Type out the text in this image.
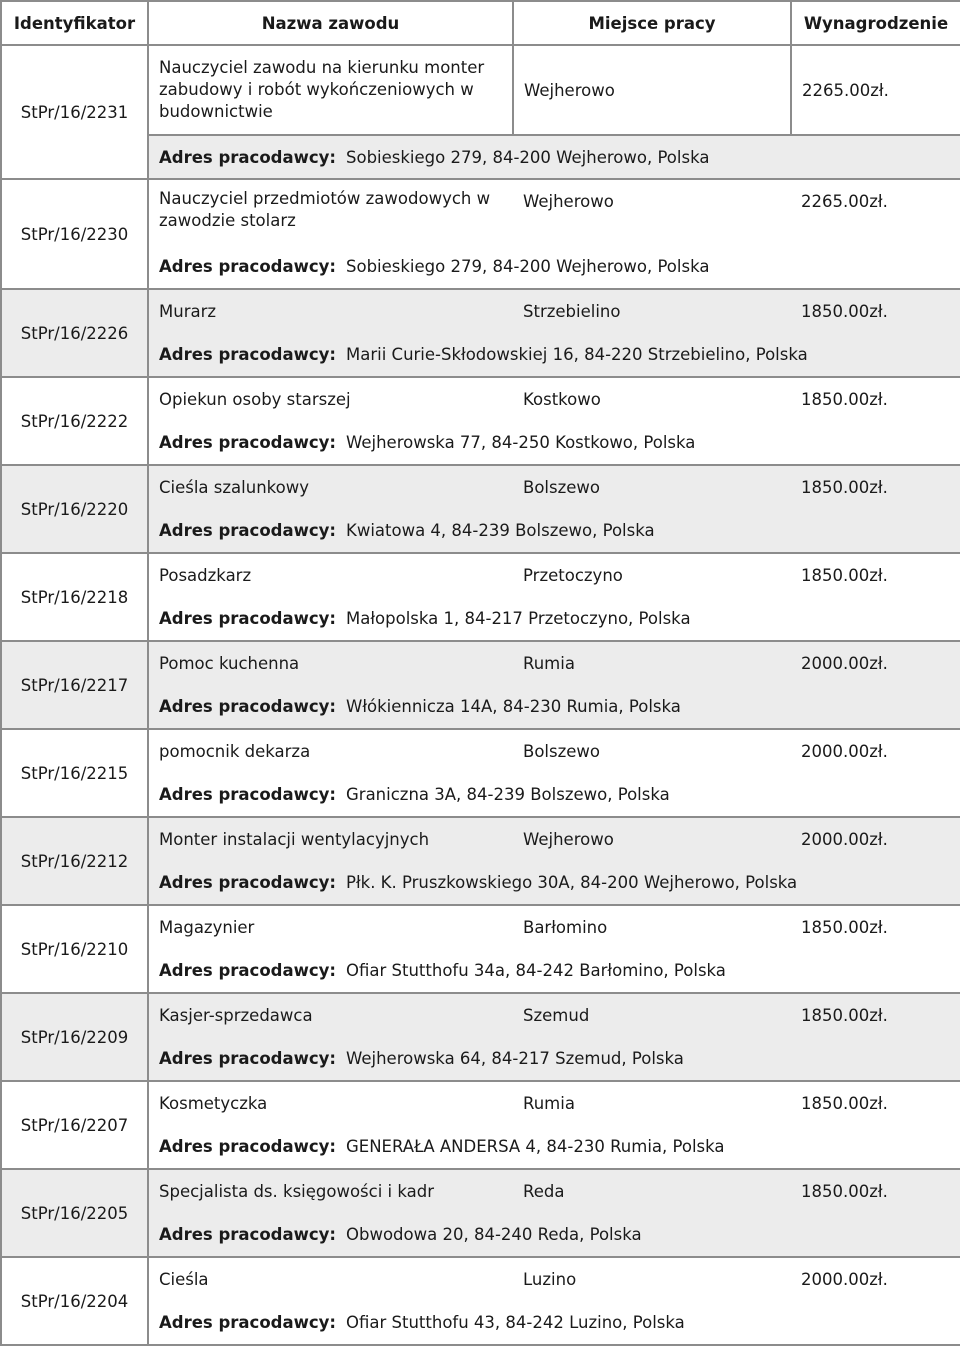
Identyfikator	Nazwa zawodu	Miejsce pracy	Wynagrodzenie
StPr/16/2231	Nauczyciel zawodu na kierunku monter zabudowy i robót wykończeniowych w budownictwie	Wejherowo	2265.00zł.
	Adres pracodawcy: Sobieskiego 279, 84-200 Wejherowo, Polska		
StPr/16/2230	Nauczyciel przedmiotów zawodowych w zawodzie stolarz	Wejherowo	2265.00zł.
	Adres pracodawcy: Sobieskiego 279, 84-200 Wejherowo, Polska		
StPr/16/2226	Murarz	Strzebielino	1850.00zł.
	Adres pracodawcy: Marii Curie-Skłodowskiej 16, 84-220 Strzebielino, Polska		
StPr/16/2222	Opiekun osoby starszej	Kostkowo	1850.00zł.
	Adres pracodawcy: Wejherowska 77, 84-250 Kostkowo, Polska		
StPr/16/2220	Cieśla szalunkowy	Bolszewo	1850.00zł.
	Adres pracodawcy: Kwiatowa 4, 84-239 Bolszewo, Polska		
StPr/16/2218	Posadzkarz	Przetoczyno	1850.00zł.
	Adres pracodawcy: Małopolska 1, 84-217 Przetoczyno, Polska		
StPr/16/2217	Pomoc kuchenna	Rumia	2000.00zł.
	Adres pracodawcy: Włókiennicza 14A, 84-230 Rumia, Polska		
StPr/16/2215	pomocnik dekarza	Bolszewo	2000.00zł.
	Adres pracodawcy: Graniczna 3A, 84-239 Bolszewo, Polska		
StPr/16/2212	Monter instalacji wentylacyjnych	Wejherowo	2000.00zł.
	Adres pracodawcy: Płk. K. Pruszkowskiego 30A, 84-200 Wejherowo, Polska		
StPr/16/2210	Magazynier	Barłomino	1850.00zł.
	Adres pracodawcy: Ofiar Stutthofu 34a, 84-242 Barłomino, Polska		
StPr/16/2209	Kasjer-sprzedawca	Szemud	1850.00zł.
	Adres pracodawcy: Wejherowska 64, 84-217 Szemud, Polska		
StPr/16/2207	Kosmetyczka	Rumia	1850.00zł.
	Adres pracodawcy: GENERAŁA ANDERSA 4, 84-230 Rumia, Polska		
StPr/16/2205	Specjalista ds. księgowości i kadr	Reda	1850.00zł.
	Adres pracodawcy: Obwodowa 20, 84-240 Reda, Polska		
StPr/16/2204	Cieśla	Luzino	2000.00zł.
	Adres pracodawcy: Ofiar Stutthofu 43, 84-242 Luzino, Polska		
